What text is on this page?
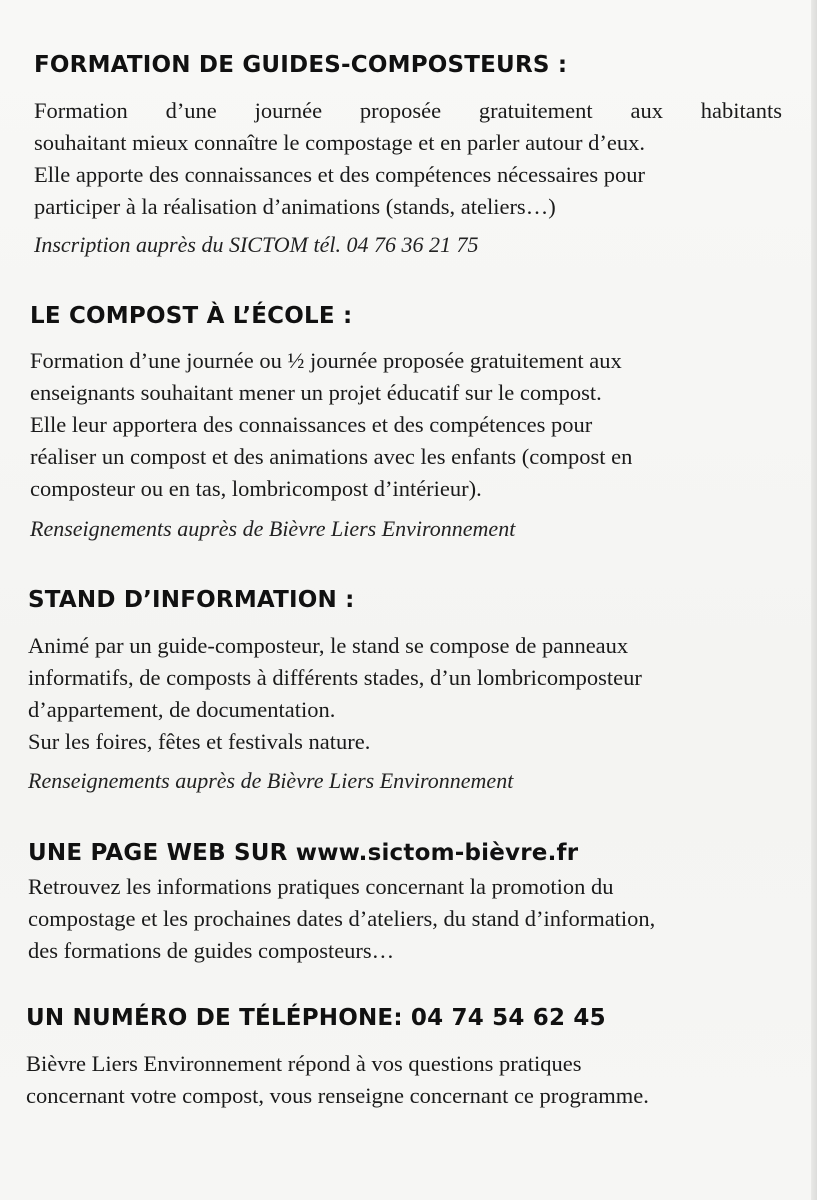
FORMATION DE GUIDES-COMPOSTEURS :
Formation d’une journée proposée gratuitement aux habitants
souhaitant mieux connaître le compostage et en parler autour d’eux.
Elle apporte des connaissances et des compétences nécessaires pour
participer à la réalisation d’animations (stands, ateliers…)
Inscription auprès du SICTOM tél. 04 76 36 21 75
LE COMPOST À L’ÉCOLE :
Formation d’une journée ou ½ journée proposée gratuitement aux
enseignants souhaitant mener un projet éducatif sur le compost.
Elle leur apportera des connaissances et des compétences pour
réaliser un compost et des animations avec les enfants (compost en
composteur ou en tas, lombricompost d’intérieur).
Renseignements auprès de Bièvre Liers Environnement
STAND D’INFORMATION :
Animé par un guide-composteur, le stand se compose de panneaux
informatifs, de composts à différents stades, d’un lombricomposteur
d’appartement, de documentation.
Sur les foires, fêtes et festivals nature.
Renseignements auprès de Bièvre Liers Environnement
UNE PAGE WEB SUR www.sictom-bièvre.fr
Retrouvez les informations pratiques concernant la promotion du
compostage et les prochaines dates d’ateliers, du stand d’information,
des formations de guides composteurs…
UN NUMÉRO DE TÉLÉPHONE: 04 74 54 62 45
Bièvre Liers Environnement répond à vos questions pratiques
concernant votre compost, vous renseigne concernant ce programme.
